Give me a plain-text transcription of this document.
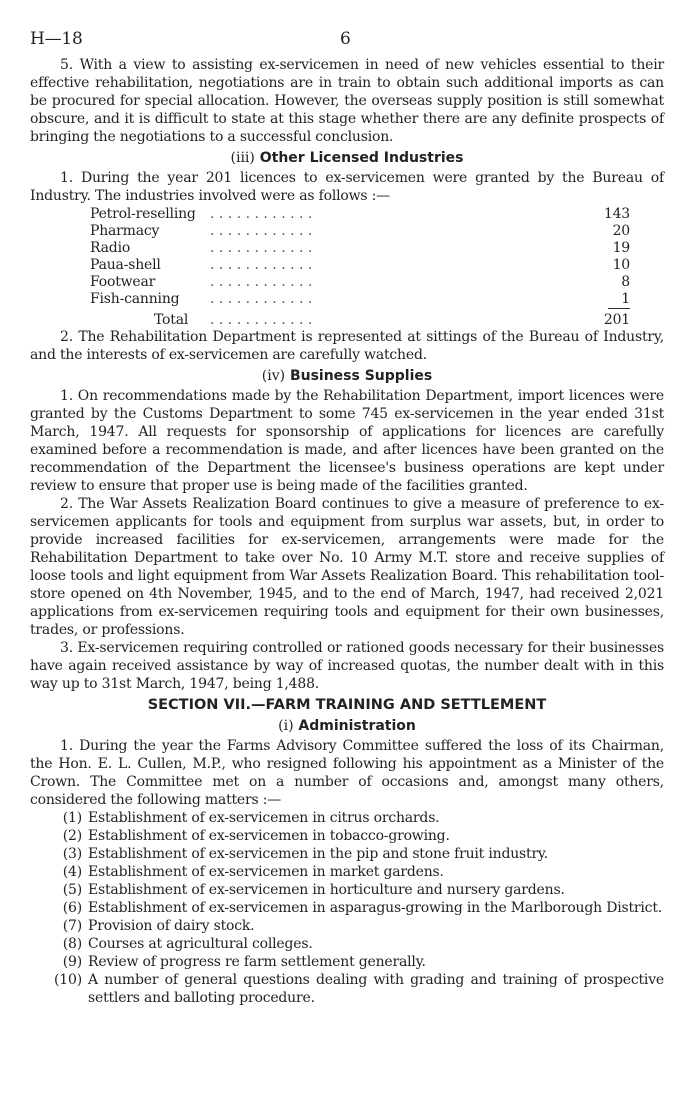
H—18	6

5. With a view to assisting ex-servicemen in need of new vehicles essential to their effective rehabilitation, negotiations are in train to obtain such additional imports as can be procured for special allocation. However, the overseas supply position is still somewhat obscure, and it is difficult to state at this stage whether there are any definite prospects of bringing the negotiations to a successful conclusion.

(iii) Other Licensed Industries

1. During the year 201 licences to ex-servicemen were granted by the Bureau of Industry. The industries involved were as follows :—

Petrol-reselling	. . . . . . . . . . . .	143
Pharmacy	. . . . . . . . . . . .	20
Radio	. . . . . . . . . . . .	19
Paua-shell	. . . . . . . . . . . .	10
Footwear	. . . . . . . . . . . .	8
Fish-canning	. . . . . . . . . . . .	1
Total	. . . . . . . . . . . .	201

2. The Rehabilitation Department is represented at sittings of the Bureau of Industry, and the interests of ex-servicemen are carefully watched.

(iv) Business Supplies

1. On recommendations made by the Rehabilitation Department, import licences were granted by the Customs Department to some 745 ex-servicemen in the year ended 31st March, 1947. All requests for sponsorship of applications for licences are carefully examined before a recommendation is made, and after licences have been granted on the recommendation of the Department the licensee's business operations are kept under review to ensure that proper use is being made of the facilities granted.

2. The War Assets Realization Board continues to give a measure of preference to ex-servicemen applicants for tools and equipment from surplus war assets, but, in order to provide increased facilities for ex-servicemen, arrangements were made for the Rehabilitation Department to take over No. 10 Army M.T. store and receive supplies of loose tools and light equipment from War Assets Realization Board. This rehabilitation tool-store opened on 4th November, 1945, and to the end of March, 1947, had received 2,021 applications from ex-servicemen requiring tools and equipment for their own businesses, trades, or professions.

3. Ex-servicemen requiring controlled or rationed goods necessary for their businesses have again received assistance by way of increased quotas, the number dealt with in this way up to 31st March, 1947, being 1,488.

SECTION VII.—FARM TRAINING AND SETTLEMENT
(i) Administration

1. During the year the Farms Advisory Committee suffered the loss of its Chairman, the Hon. E. L. Cullen, M.P., who resigned following his appointment as a Minister of the Crown. The Committee met on a number of occasions and, amongst many others, considered the following matters :—

(1) Establishment of ex-servicemen in citrus orchards.
(2) Establishment of ex-servicemen in tobacco-growing.
(3) Establishment of ex-servicemen in the pip and stone fruit industry.
(4) Establishment of ex-servicemen in market gardens.
(5) Establishment of ex-servicemen in horticulture and nursery gardens.
(6) Establishment of ex-servicemen in asparagus-growing in the Marlborough District.
(7) Provision of dairy stock.
(8) Courses at agricultural colleges.
(9) Review of progress re farm settlement generally.
(10) A number of general questions dealing with grading and training of prospective settlers and balloting procedure.
